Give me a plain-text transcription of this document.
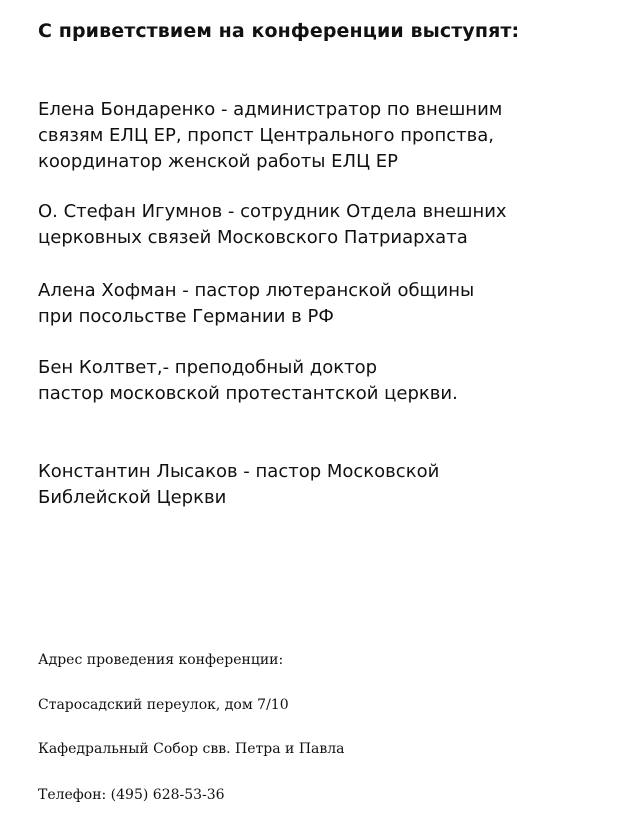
С приветствием на конференции выступят:
Елена Бондаренко - администратор по внешним
связям ЕЛЦ ЕР, пропст Центрального пропства,
координатор женской работы ЕЛЦ ЕР
О. Стефан Игумнов - сотрудник Отдела внешних
церковных связей Московского Патриархата
Алена Хофман - пастор лютеранской общины
при посольстве Германии в РФ
Бен Колтвет,- преподобный доктор
пастор московской протестантской церкви.
Константин Лысаков - пастор Московской
Библейской Церкви
Адрес проведения конференции:
Старосадский переулок, дом 7/10
Кафедральный Собор свв. Петра и Павла
Телефон: (495) 628-53-36
